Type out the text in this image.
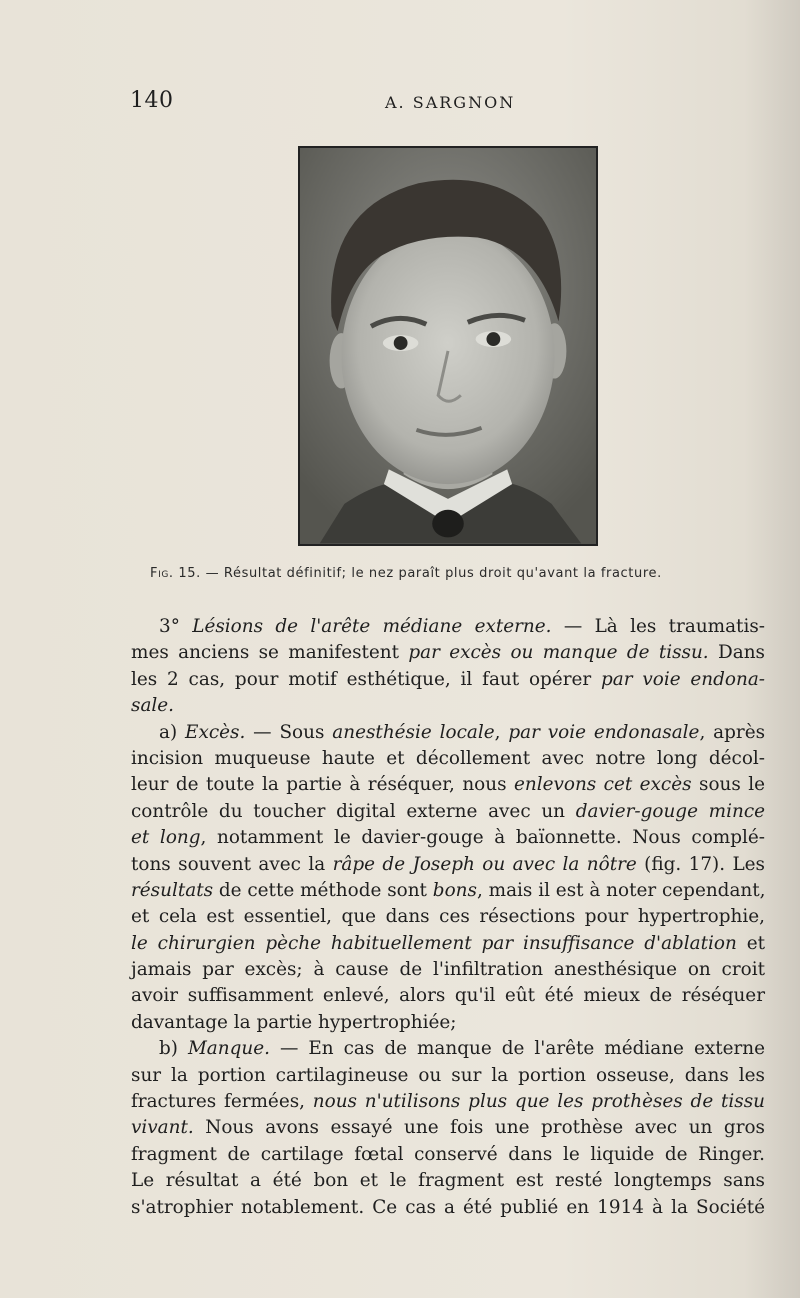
140	A. SARGNON
Fig. 15. — Résultat définitif; le nez paraît plus droit qu'avant la fracture.
3° Lésions de l'arête médiane externe. — Là les traumatis-
mes anciens se manifestent par excès ou manque de tissu. Dans
les 2 cas, pour motif esthétique, il faut opérer par voie endona-
sale.
a) Excès. — Sous anesthésie locale, par voie endonasale, après
incision muqueuse haute et décollement avec notre long décol-
leur de toute la partie à réséquer, nous enlevons cet excès sous le
contrôle du toucher digital externe avec un davier-gouge mince
et long, notamment le davier-gouge à baïonnette. Nous complé-
tons souvent avec la râpe de Joseph ou avec la nôtre (fig. 17). Les
résultats de cette méthode sont bons, mais il est à noter cependant,
et cela est essentiel, que dans ces résections pour hypertrophie,
le chirurgien pèche habituellement par insuffisance d'ablation et
jamais par excès; à cause de l'infiltration anesthésique on croit
avoir suffisamment enlevé, alors qu'il eût été mieux de réséquer
davantage la partie hypertrophiée;
b) Manque. — En cas de manque de l'arête médiane externe
sur la portion cartilagineuse ou sur la portion osseuse, dans les
fractures fermées, nous n'utilisons plus que les prothèses de tissu
vivant. Nous avons essayé une fois une prothèse avec un gros
fragment de cartilage fœtal conservé dans le liquide de Ringer.
Le résultat a été bon et le fragment est resté longtemps sans
s'atrophier notablement. Ce cas a été publié en 1914 à la Société
